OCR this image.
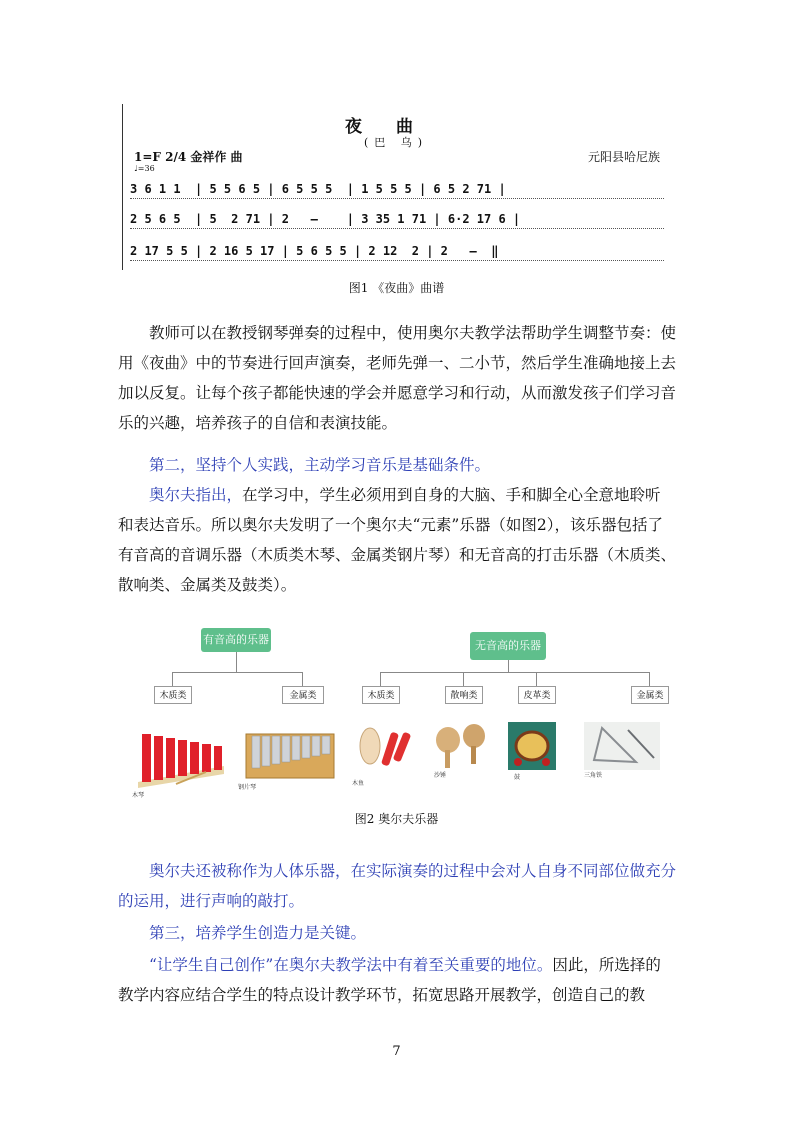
夜曲
(巴 乌)
1=F 2/4 金祥作 曲
♩=36
元阳县哈尼族
3 6 1 1  | 5 5 6 5 | 6 5 5 5  | 1 5 5 5 | 6 5 2 71 |
2 5 6 5  | 5  2 71 | 2   —    | 3 35 1 71 | 6·2 17 6 |
2 17 5 5 | 2 16 5 17 | 5 6 5 5 | 2 12  2 | 2   —  ‖
图1 《夜曲》曲谱

教师可以在教授钢琴弹奏的过程中，使用奥尔夫教学法帮助学生调整节奏：使用《夜曲》中的节奏进行回声演奏，老师先弹一、二小节，然后学生准确地接上去加以反复。让每个孩子都能快速的学会并愿意学习和行动，从而激发孩子们学习音乐的兴趣，培养孩子的自信和表演技能。

第二，坚持个人实践，主动学习音乐是基础条件。

奥尔夫指出，在学习中，学生必须用到自身的大脑、手和脚全心全意地聆听和表达音乐。所以奥尔夫发明了一个奥尔夫“元素”乐器（如图2），该乐器包括了有音高的音调乐器（木质类木琴、金属类钢片琴）和无音高的打击乐器（木质类、散响类、金属类及鼓类）。

有音高的乐器	无音高的乐器
木质类	金属类	木质类	散响类	皮革类	金属类
木琴
钢片琴
木鱼
沙锤	鼓	三角铁
图2 奥尔夫乐器

奥尔夫还被称作为人体乐器，在实际演奏的过程中会对人自身不同部位做充分的运用，进行声响的敲打。

第三，培养学生创造力是关键。

“让学生自己创作”在奥尔夫教学法中有着至关重要的地位。因此，所选择的教学内容应结合学生的特点设计教学环节，拓宽思路开展教学，创造自己的教

7
